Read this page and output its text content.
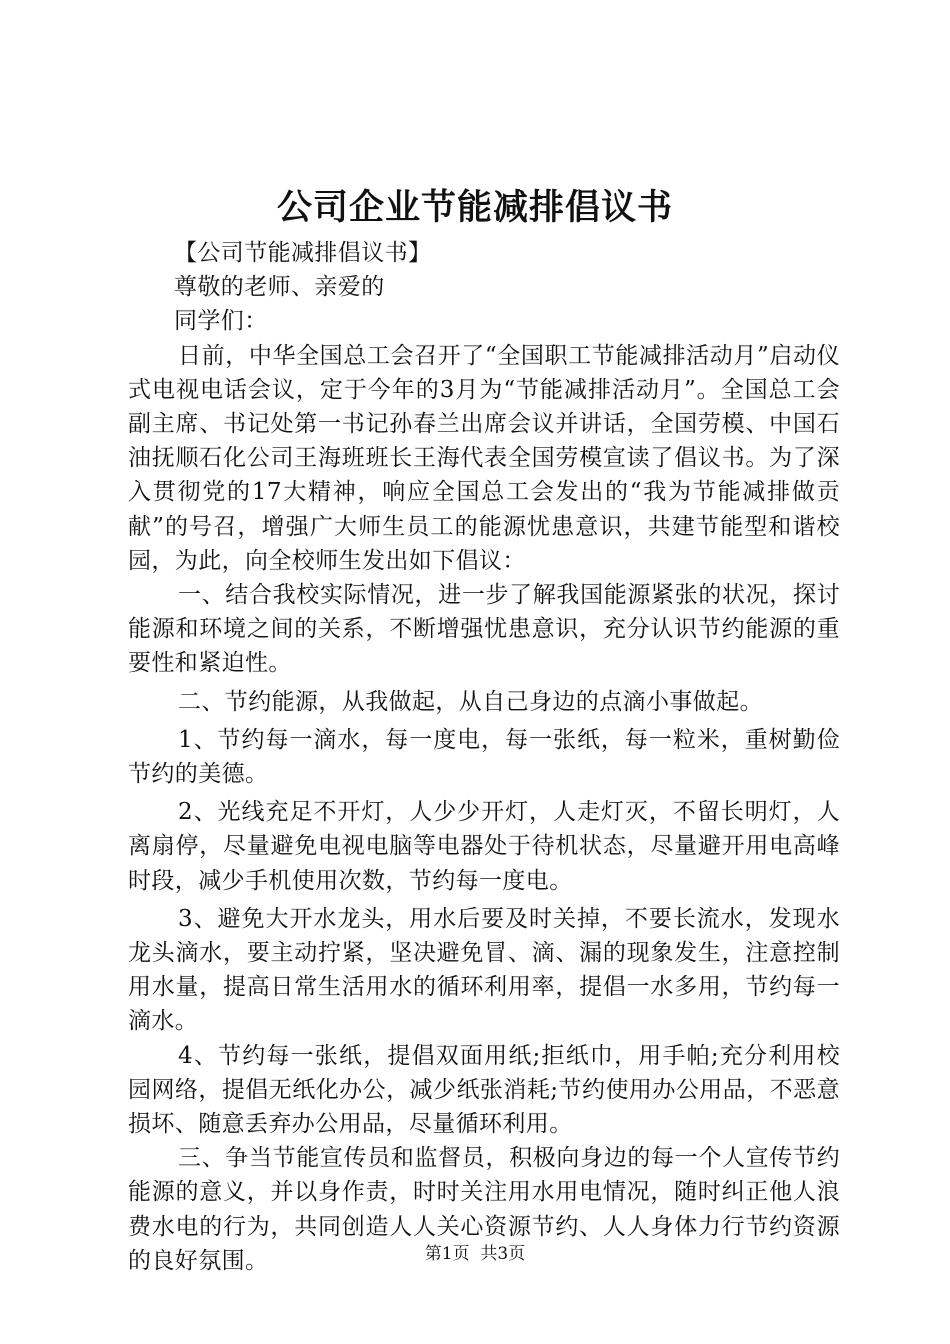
公司企业节能减排倡议书

【公司节能减排倡议书】

尊敬的老师、亲爱的

同学们：

日前，中华全国总工会召开了“全国职工节能减排活动月”启动仪式电视电话会议，定于今年的3月为“节能减排活动月”。全国总工会副主席、书记处第一书记孙春兰出席会议并讲话，全国劳模、中国石油抚顺石化公司王海班班长王海代表全国劳模宣读了倡议书。为了深入贯彻党的17大精神，响应全国总工会发出的“我为节能减排做贡献”的号召，增强广大师生员工的能源忧患意识，共建节能型和谐校园，为此，向全校师生发出如下倡议：

一、结合我校实际情况，进一步了解我国能源紧张的状况，探讨能源和环境之间的关系，不断增强忧患意识，充分认识节约能源的重要性和紧迫性。

二、节约能源，从我做起，从自己身边的点滴小事做起。

1、节约每一滴水，每一度电，每一张纸，每一粒米，重树勤俭节约的美德。

2、光线充足不开灯，人少少开灯，人走灯灭，不留长明灯，人离扇停，尽量避免电视电脑等电器处于待机状态，尽量避开用电高峰时段，减少手机使用次数，节约每一度电。

3、避免大开水龙头，用水后要及时关掉，不要长流水，发现水龙头滴水，要主动拧紧，坚决避免冒、滴、漏的现象发生，注意控制用水量，提高日常生活用水的循环利用率，提倡一水多用，节约每一滴水。

4、节约每一张纸，提倡双面用纸;拒纸巾，用手帕;充分利用校园网络，提倡无纸化办公，减少纸张消耗;节约使用办公用品，不恶意损坏、随意丢弃办公用品，尽量循环利用。

三、争当节能宣传员和监督员，积极向身边的每一个人宣传节约能源的意义，并以身作责，时时关注用水用电情况，随时纠正他人浪费水电的行为，共同创造人人关心资源节约、人人身体力行节约资源的良好氛围。	第1页 共3页
